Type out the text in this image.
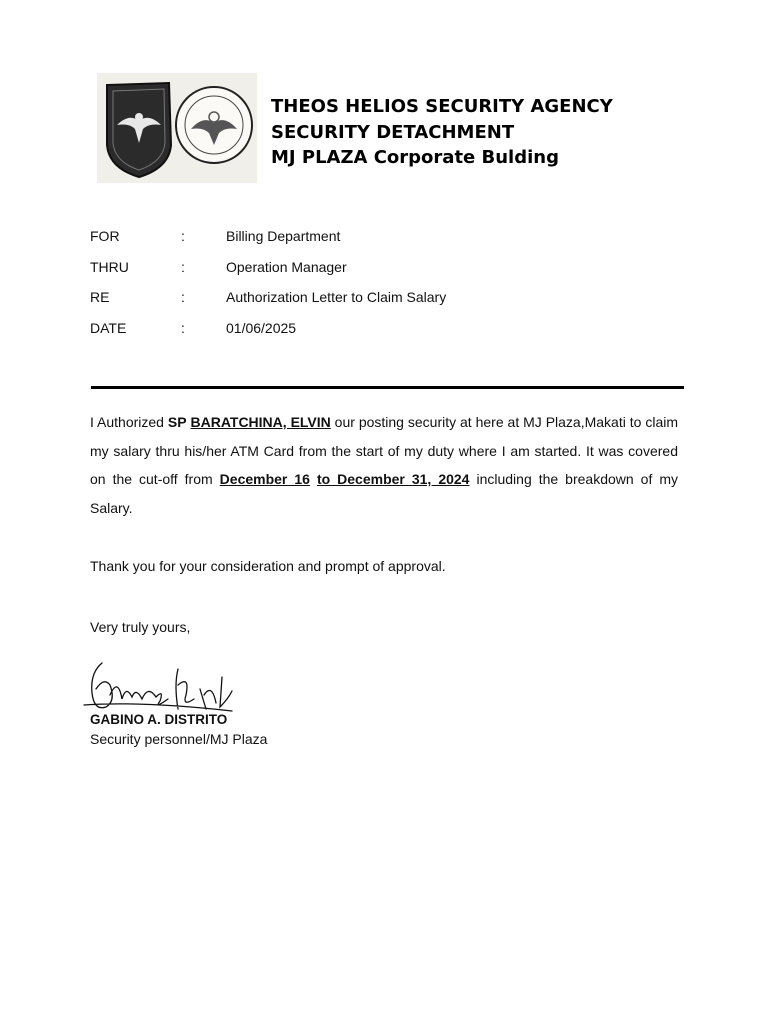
THEOS HELIOS SECURITY AGENCY
SECURITY DETACHMENT
MJ PLAZA Corporate Bulding
FOR	:	Billing Department
THRU	:	Operation Manager
RE	:	Authorization Letter to Claim Salary
DATE	:	01/06/2025
I Authorized SP BARATCHINA, ELVIN our posting security at here at MJ Plaza,Makati to claim my salary thru his/her ATM Card from the start of my duty where I am started. It was covered on the cut-off from December 16 to December 31, 2024 including the breakdown of my Salary.
Thank you for your consideration and prompt of approval.
Very truly yours,
GABINO A. DISTRITO
Security personnel/MJ Plaza
